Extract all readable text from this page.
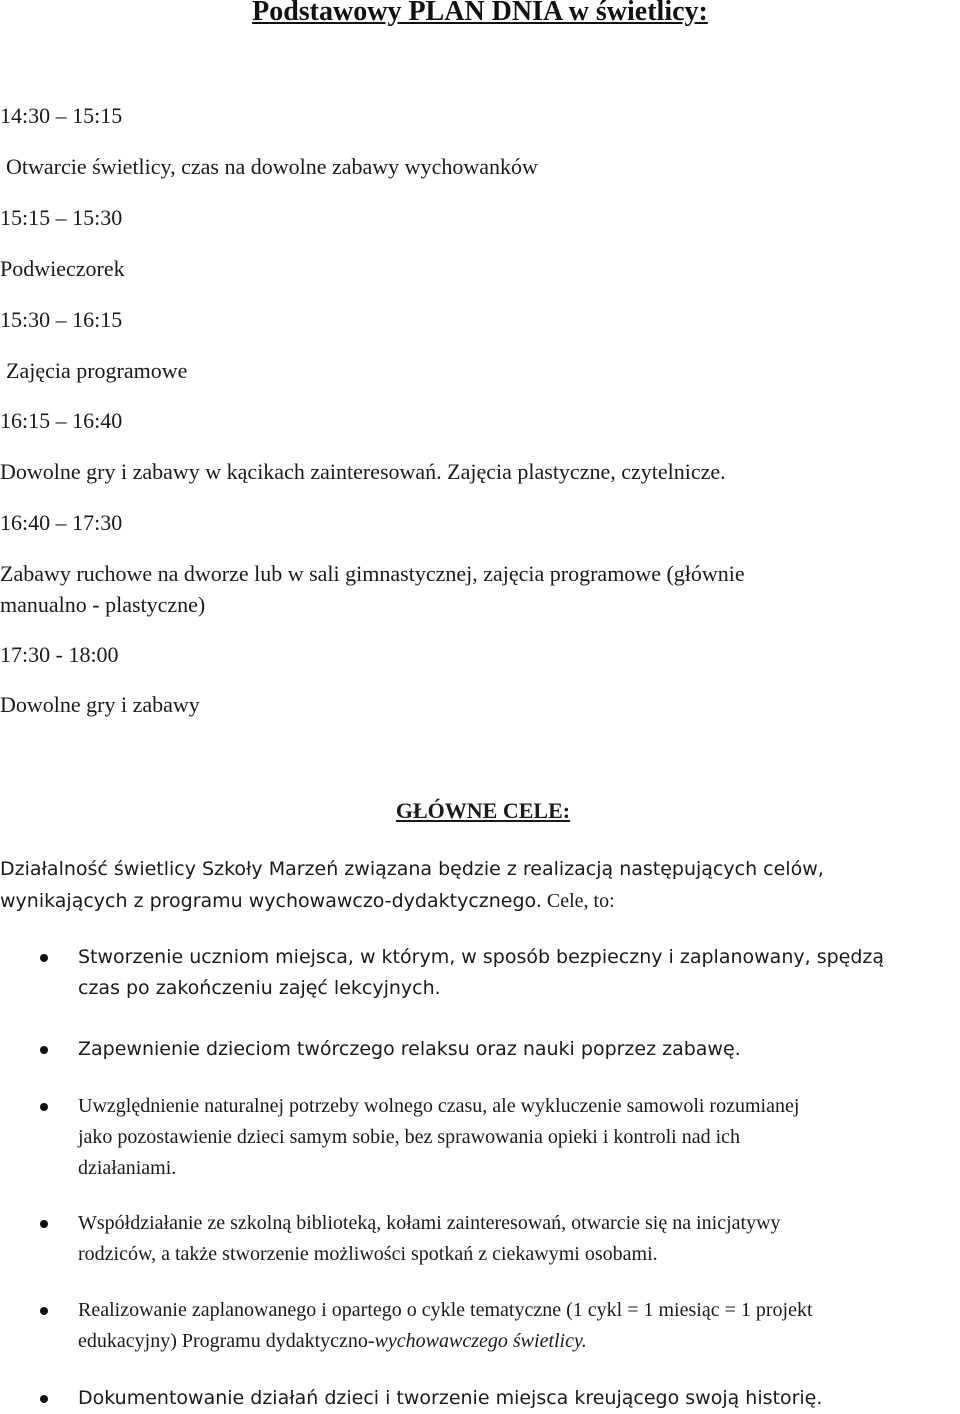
Podstawowy PLAN DNIA w świetlicy:
14:30 – 15:15
Otwarcie świetlicy, czas na dowolne zabawy wychowanków
15:15 – 15:30
Podwieczorek
15:30 – 16:15
Zajęcia programowe
16:15 – 16:40
Dowolne gry i zabawy w kącikach zainteresowań. Zajęcia plastyczne, czytelnicze.
16:40 – 17:30
Zabawy ruchowe na dworze lub w sali gimnastycznej, zajęcia programowe (głównie
manualno - plastyczne)
17:30 - 18:00
Dowolne gry i zabawy
GŁÓWNE CELE:
Działalność świetlicy Szkoły Marzeń związana będzie z realizacją następujących celów,
wynikających z programu wychowawczo-dydaktycznego. Cele, to:
Stworzenie uczniom miejsca, w którym, w sposób bezpieczny i zaplanowany, spędzą
czas po zakończeniu zajęć lekcyjnych.
Zapewnienie dzieciom twórczego relaksu oraz nauki poprzez zabawę.
Uwzględnienie naturalnej potrzeby wolnego czasu, ale wykluczenie samowoli rozumianej
jako pozostawienie dzieci samym sobie, bez sprawowania opieki i kontroli nad ich
działaniami.
Współdziałanie ze szkolną biblioteką, kołami zainteresowań, otwarcie się na inicjatywy
rodziców, a także stworzenie możliwości spotkań z ciekawymi osobami.
Realizowanie zaplanowanego i opartego o cykle tematyczne (1 cykl = 1 miesiąc = 1 projekt
edukacyjny) Programu dydaktyczno-wychowawczego świetlicy.
Dokumentowanie działań dzieci i tworzenie miejsca kreującego swoją historię.
